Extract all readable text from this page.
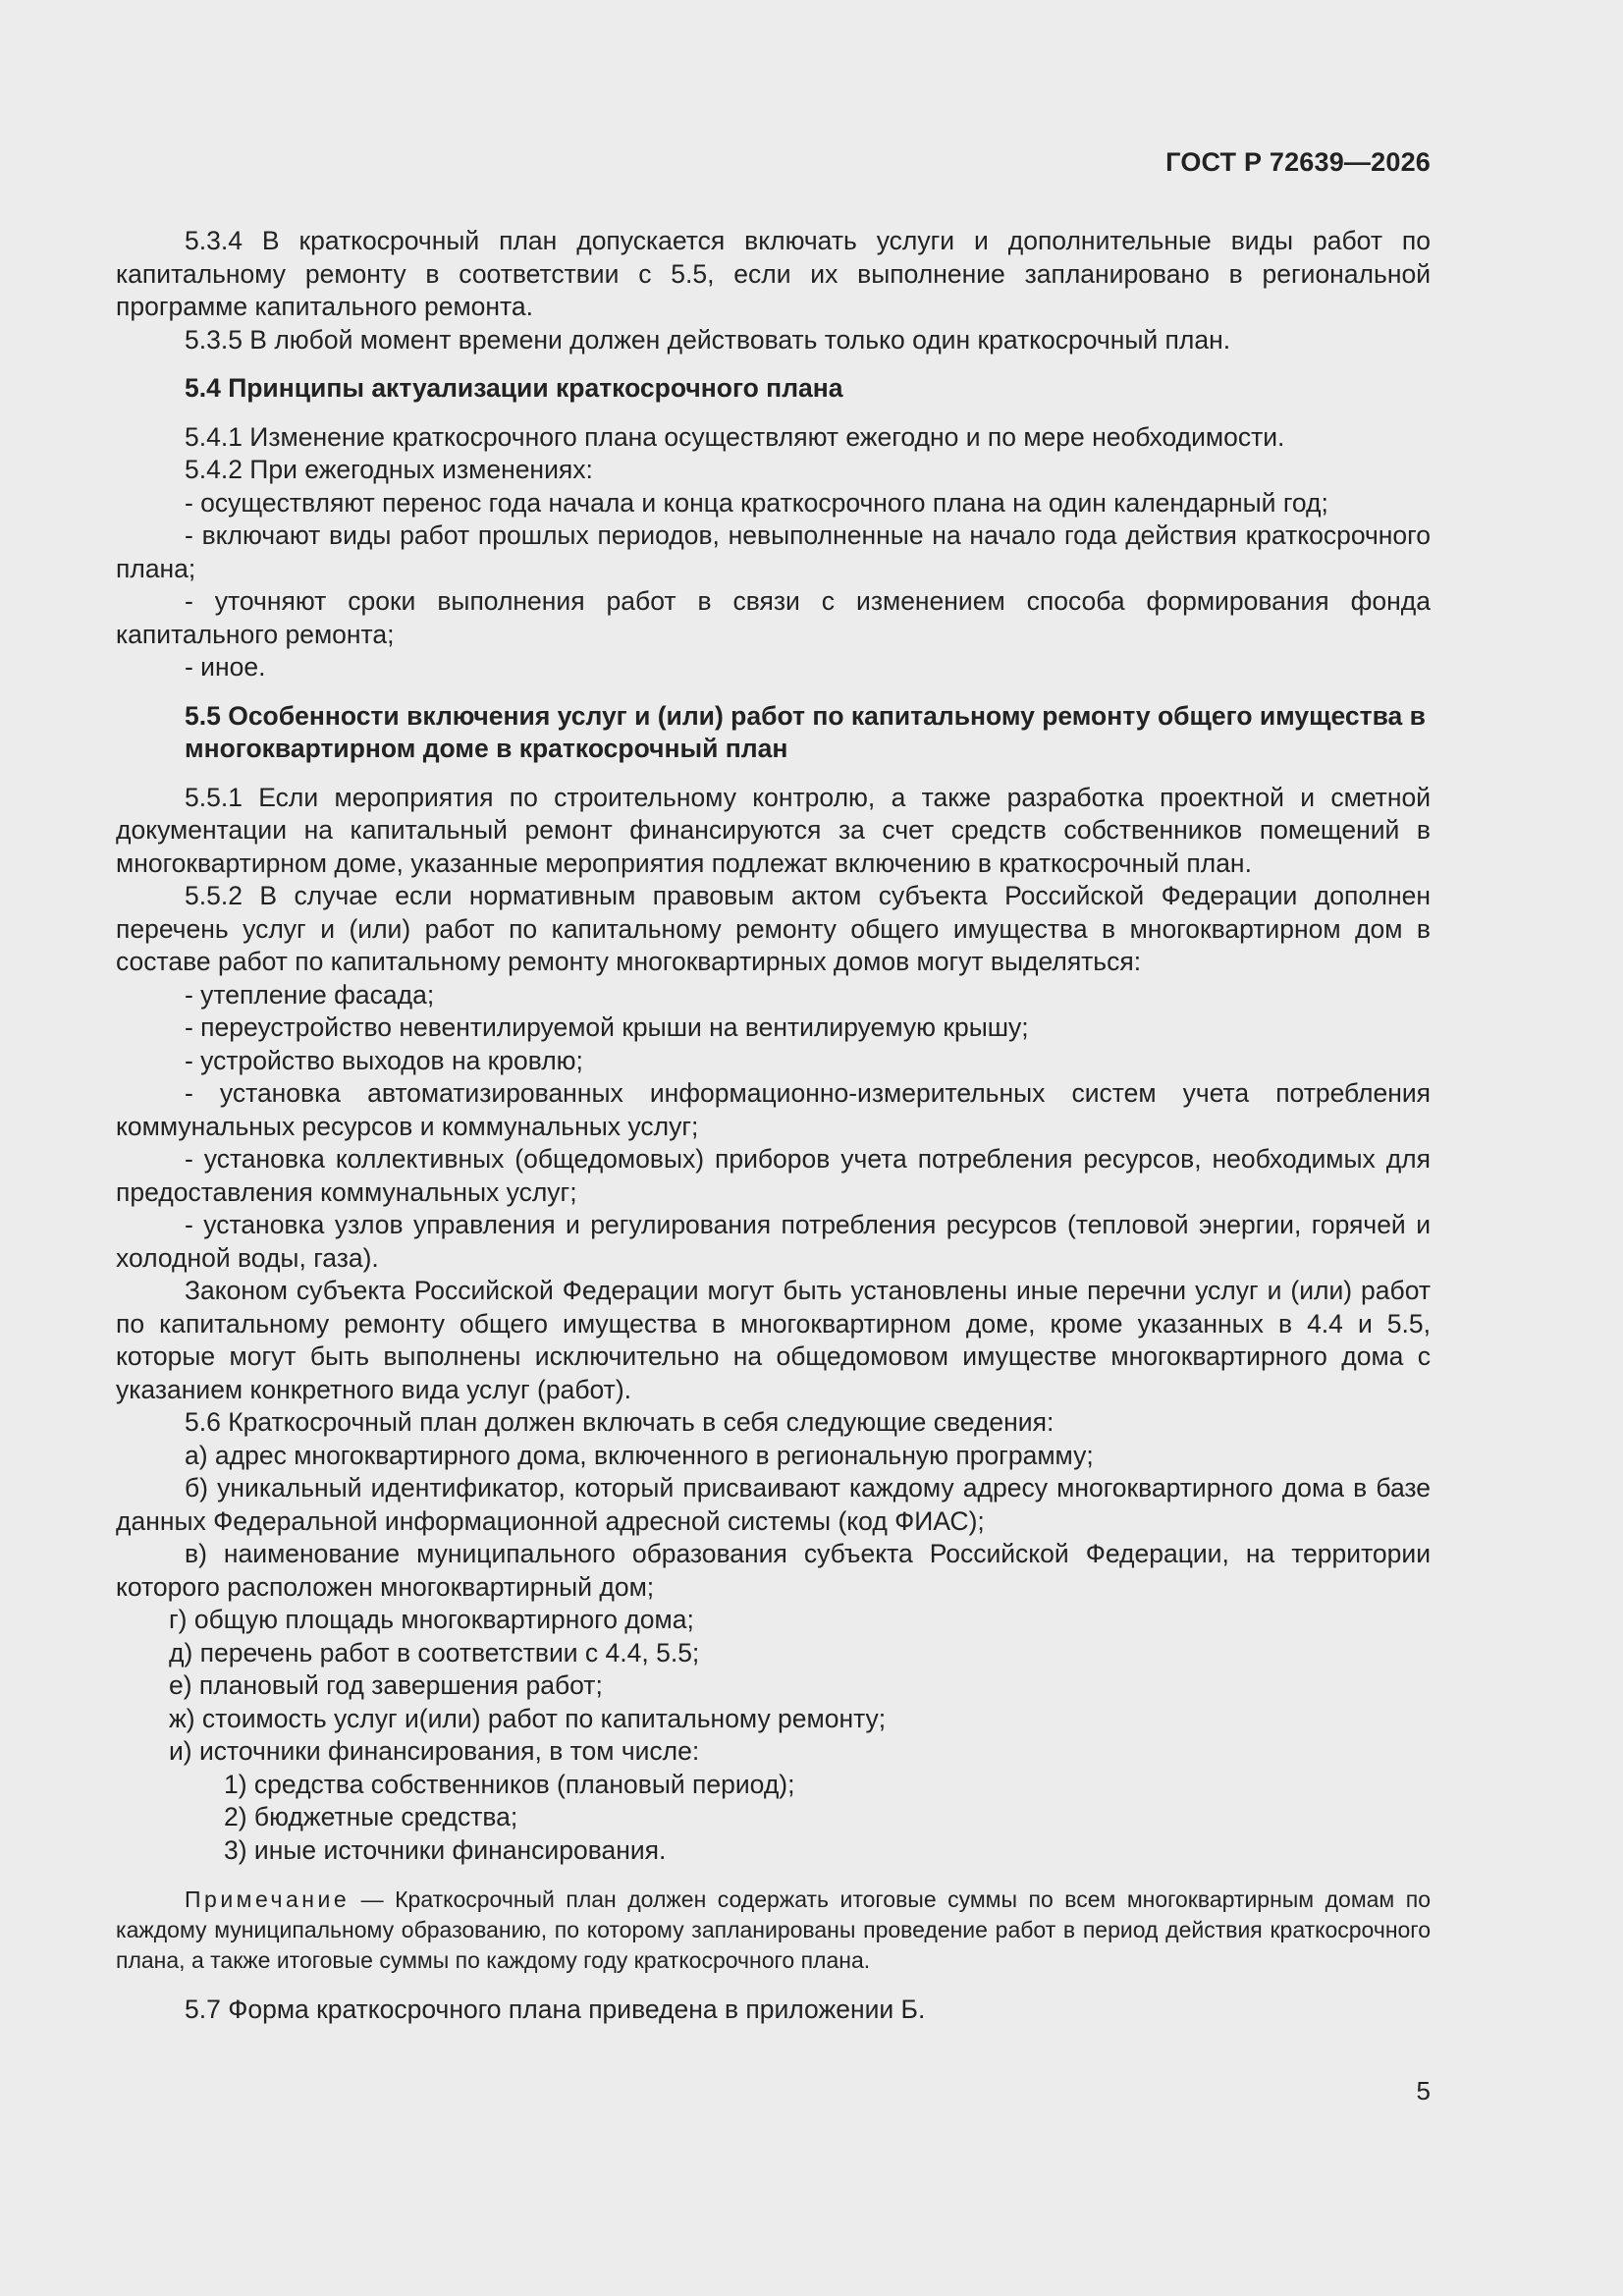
ГОСТ Р 72639—2026

5.3.4 В краткосрочный план допускается включать услуги и дополнительные виды работ по капитальному ремонту в соответствии с 5.5, если их выполнение запланировано в региональной программе капитального ремонта.

5.3.5 В любой момент времени должен действовать только один краткосрочный план.

5.4 Принципы актуализации краткосрочного плана

5.4.1 Изменение краткосрочного плана осуществляют ежегодно и по мере необходимости.

5.4.2 При ежегодных изменениях:

- осуществляют перенос года начала и конца краткосрочного плана на один календарный год;

- включают виды работ прошлых периодов, невыполненные на начало года действия краткосрочного плана;

- уточняют сроки выполнения работ в связи с изменением способа формирования фонда капитального ремонта;

- иное.

5.5 Особенности включения услуг и (или) работ по капитальному ремонту общего имущества в многоквартирном доме в краткосрочный план

5.5.1 Если мероприятия по строительному контролю, а также разработка проектной и сметной документации на капитальный ремонт финансируются за счет средств собственников помещений в многоквартирном доме, указанные мероприятия подлежат включению в краткосрочный план.

5.5.2 В случае если нормативным правовым актом субъекта Российской Федерации дополнен перечень услуг и (или) работ по капитальному ремонту общего имущества в многоквартирном дом в составе работ по капитальному ремонту многоквартирных домов могут выделяться:

- утепление фасада;

- переустройство невентилируемой крыши на вентилируемую крышу;

- устройство выходов на кровлю;

- установка автоматизированных информационно-измерительных систем учета потребления коммунальных ресурсов и коммунальных услуг;

- установка коллективных (общедомовых) приборов учета потребления ресурсов, необходимых для предоставления коммунальных услуг;

- установка узлов управления и регулирования потребления ресурсов (тепловой энергии, горячей и холодной воды, газа).

Законом субъекта Российской Федерации могут быть установлены иные перечни услуг и (или) работ по капитальному ремонту общего имущества в многоквартирном доме, кроме указанных в 4.4 и 5.5, которые могут быть выполнены исключительно на общедомовом имуществе многоквартирного дома с указанием конкретного вида услуг (работ).

5.6 Краткосрочный план должен включать в себя следующие сведения:

а) адрес многоквартирного дома, включенного в региональную программу;

б) уникальный идентификатор, который присваивают каждому адресу многоквартирного дома в базе данных Федеральной информационной адресной системы (код ФИАС);

в) наименование муниципального образования субъекта Российской Федерации, на территории которого расположен многоквартирный дом;

г) общую площадь многоквартирного дома;

д) перечень работ в соответствии с 4.4, 5.5;

е) плановый год завершения работ;

ж) стоимость услуг и(или) работ по капитальному ремонту;

и) источники финансирования, в том числе:

1) средства собственников (плановый период);

2) бюджетные средства;

3) иные источники финансирования.

Примечание — Краткосрочный план должен содержать итоговые суммы по всем многоквартирным домам по каждому муниципальному образованию, по которому запланированы проведение работ в период действия краткосрочного плана, а также итоговые суммы по каждому году краткосрочного плана.

5.7 Форма краткосрочного плана приведена в приложении Б.

5
